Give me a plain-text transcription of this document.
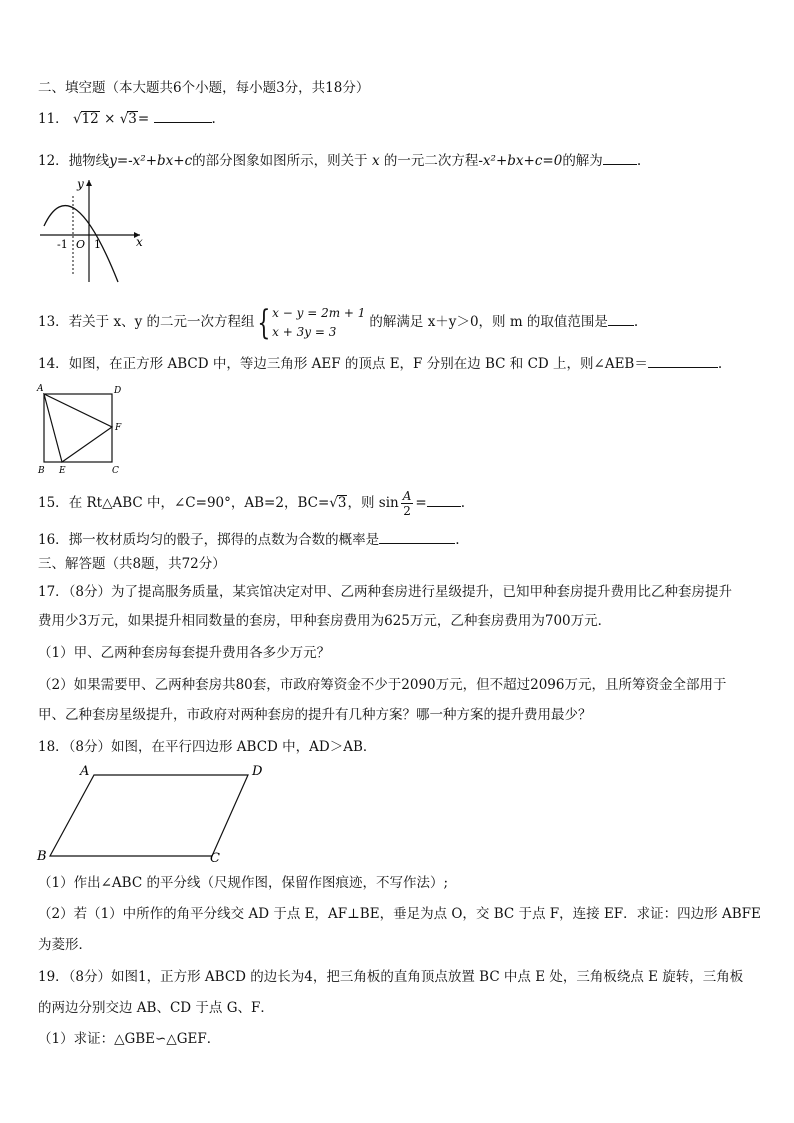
二、填空题（本大题共6个小题，每小题3分，共18分）
11． √12 × √3=	.
12．抛物线y=-x²+bx+c的部分图象如图所示，则关于 x 的一元二次方程-x²+bx+c=0的解为	.
y
x
-1 O 1
13．若关于 x、y 的二元一次方程组{ x − y = 2m + 1
x + 3y = 3
的解满足 x＋y＞0，则 m 的取值范围是 .
14．如图，在正方形 ABCD 中，等边三角形 AEF 的顶点 E，F 分别在边 BC 和 CD 上，则∠AEB＝	.
A	D
F
B E	C
15．在 Rt△ABC 中，∠C=90°，AB=2，BC=√3，则 $\sin \frac{A}{2}$ =	.
16．掷一枚材质均匀的骰子，掷得的点数为合数的概率是	.
三、解答题（共8题，共72分）
17．（8分）为了提高服务质量，某宾馆决定对甲、乙两种套房进行星级提升，已知甲种套房提升费用比乙种套房提升
费用少3万元，如果提升相同数量的套房，甲种套房费用为625万元，乙种套房费用为700万元．
（1）甲、乙两种套房每套提升费用各多少万元？
（2）如果需要甲、乙两种套房共80套，市政府筹资金不少于2090万元，但不超过2096万元，且所筹资金全部用于
甲、乙种套房星级提升，市政府对两种套房的提升有几种方案？哪一种方案的提升费用最少？
18．（8分）如图，在平行四边形 ABCD 中，AD＞AB．
A	D
B	C
（1）作出∠ABC 的平分线（尺规作图，保留作图痕迹，不写作法）;
（2）若（1）中所作的角平分线交 AD 于点 E，AF⊥BE，垂足为点 O，交 BC 于点 F，连接 EF．求证：四边形 ABFE
为菱形．
19．（8分）如图1，正方形 ABCD 的边长为4，把三角板的直角顶点放置 BC 中点 E 处，三角板绕点 E 旋转，三角板
的两边分别交边 AB、CD 于点 G、F．
（1）求证：△GBE∽△GEF．
